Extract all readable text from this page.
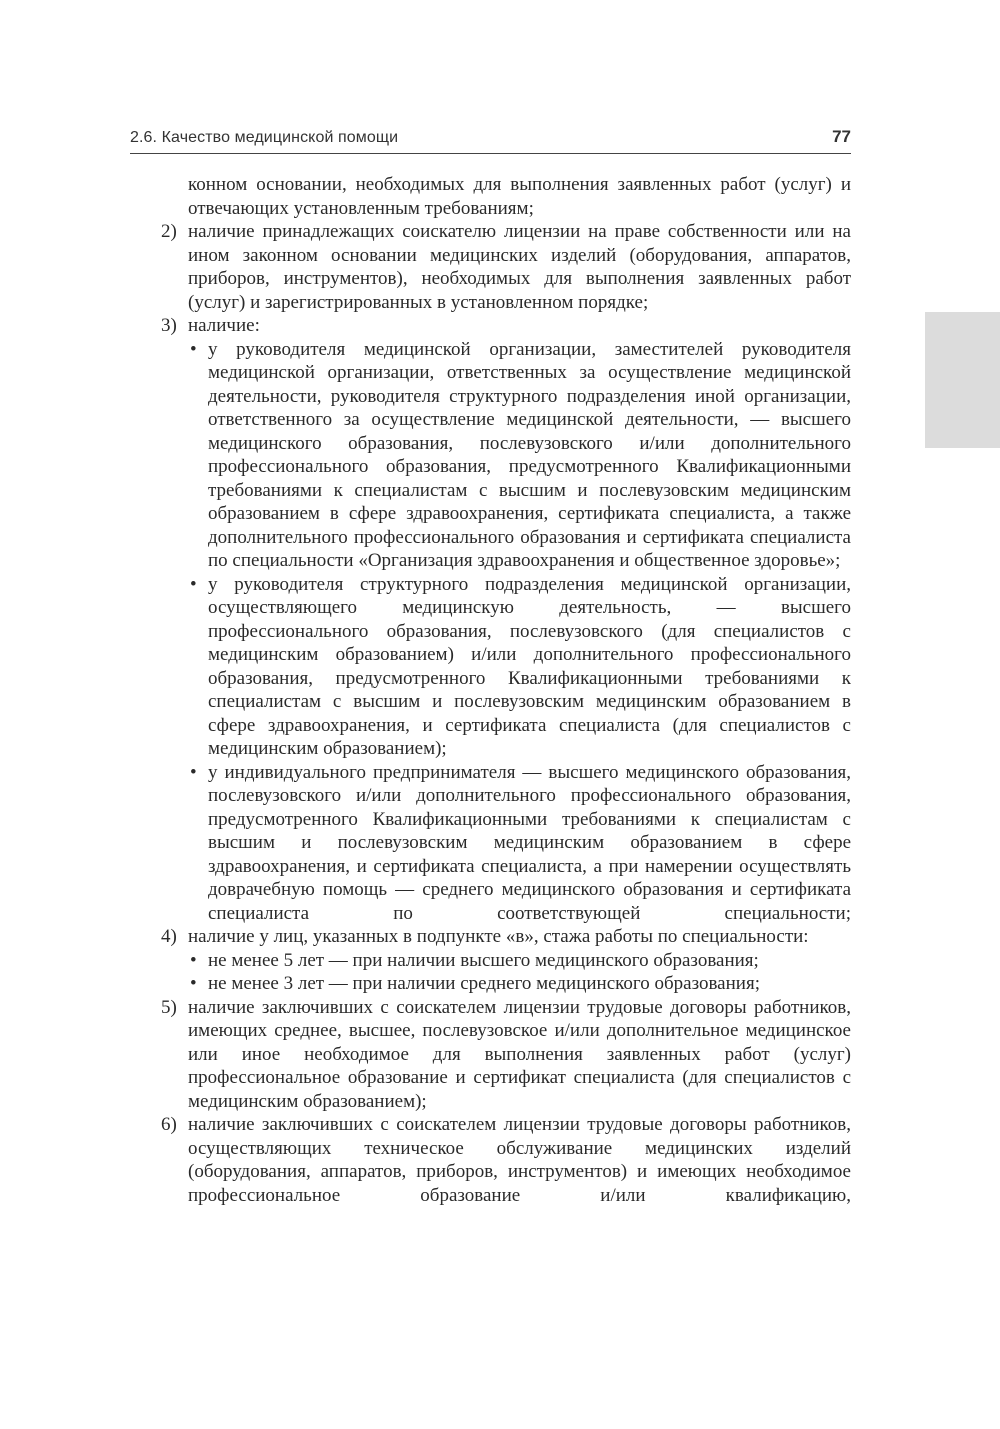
2.6. Качество медицинской помощи	77

конном основании, необходимых для выполнения заявленных работ (услуг) и отвечающих установленным требованиям;

2) наличие принадлежащих соискателю лицензии на праве собственности или на ином законном основании медицинских изделий (оборудования, аппаратов, приборов, инструментов), необходимых для выполнения заявленных работ (услуг) и зарегистрированных в установленном порядке;

3) наличие:

• у руководителя медицинской организации, заместителей руководителя медицинской организации, ответственных за осуществление медицинской деятельности, руководителя структурного подразделения иной организации, ответственного за осуществление медицинской деятельности, — высшего медицинского образования, послевузовского и/или дополнительного профессионального образования, предусмотренного Квалификационными требованиями к специалистам с высшим и послевузовским медицинским образованием в сфере здравоохранения, сертификата специалиста, а также дополнительного профессионального образования и сертификата специалиста по специальности «Организация здравоохранения и общественное здоровье»;

• у руководителя структурного подразделения медицинской организации, осуществляющего медицинскую деятельность, — высшего профессионального образования, послевузовского (для специалистов с медицинским образованием) и/или дополнительного профессионального образования, предусмотренного Квалификационными требованиями к специалистам с высшим и послевузовским медицинским образованием в сфере здравоохранения, и сертификата специалиста (для специалистов с медицинским образованием);

• у индивидуального предпринимателя — высшего медицинского образования, послевузовского и/или дополнительного профессионального образования, предусмотренного Квалификационными требованиями к специалистам с высшим и послевузовским медицинским образованием в сфере здравоохранения, и сертификата специалиста, а при намерении осуществлять доврачебную помощь — среднего медицинского образования и сертификата специалиста по соответствующей специальности;

4) наличие у лиц, указанных в подпункте «в», стажа работы по специальности:

• не менее 5 лет — при наличии высшего медицинского образования;

• не менее 3 лет — при наличии среднего медицинского образования;

5) наличие заключивших с соискателем лицензии трудовые договоры работников, имеющих среднее, высшее, послевузовское и/или дополнительное медицинское или иное необходимое для выполнения заявленных работ (услуг) профессиональное образование и сертификат специалиста (для специалистов с медицинским образованием);

6) наличие заключивших с соискателем лицензии трудовые договоры работников, осуществляющих техническое обслуживание медицинских изделий (оборудования, аппаратов, приборов, инструментов) и имеющих необходимое профессиональное образование и/или квалификацию,
